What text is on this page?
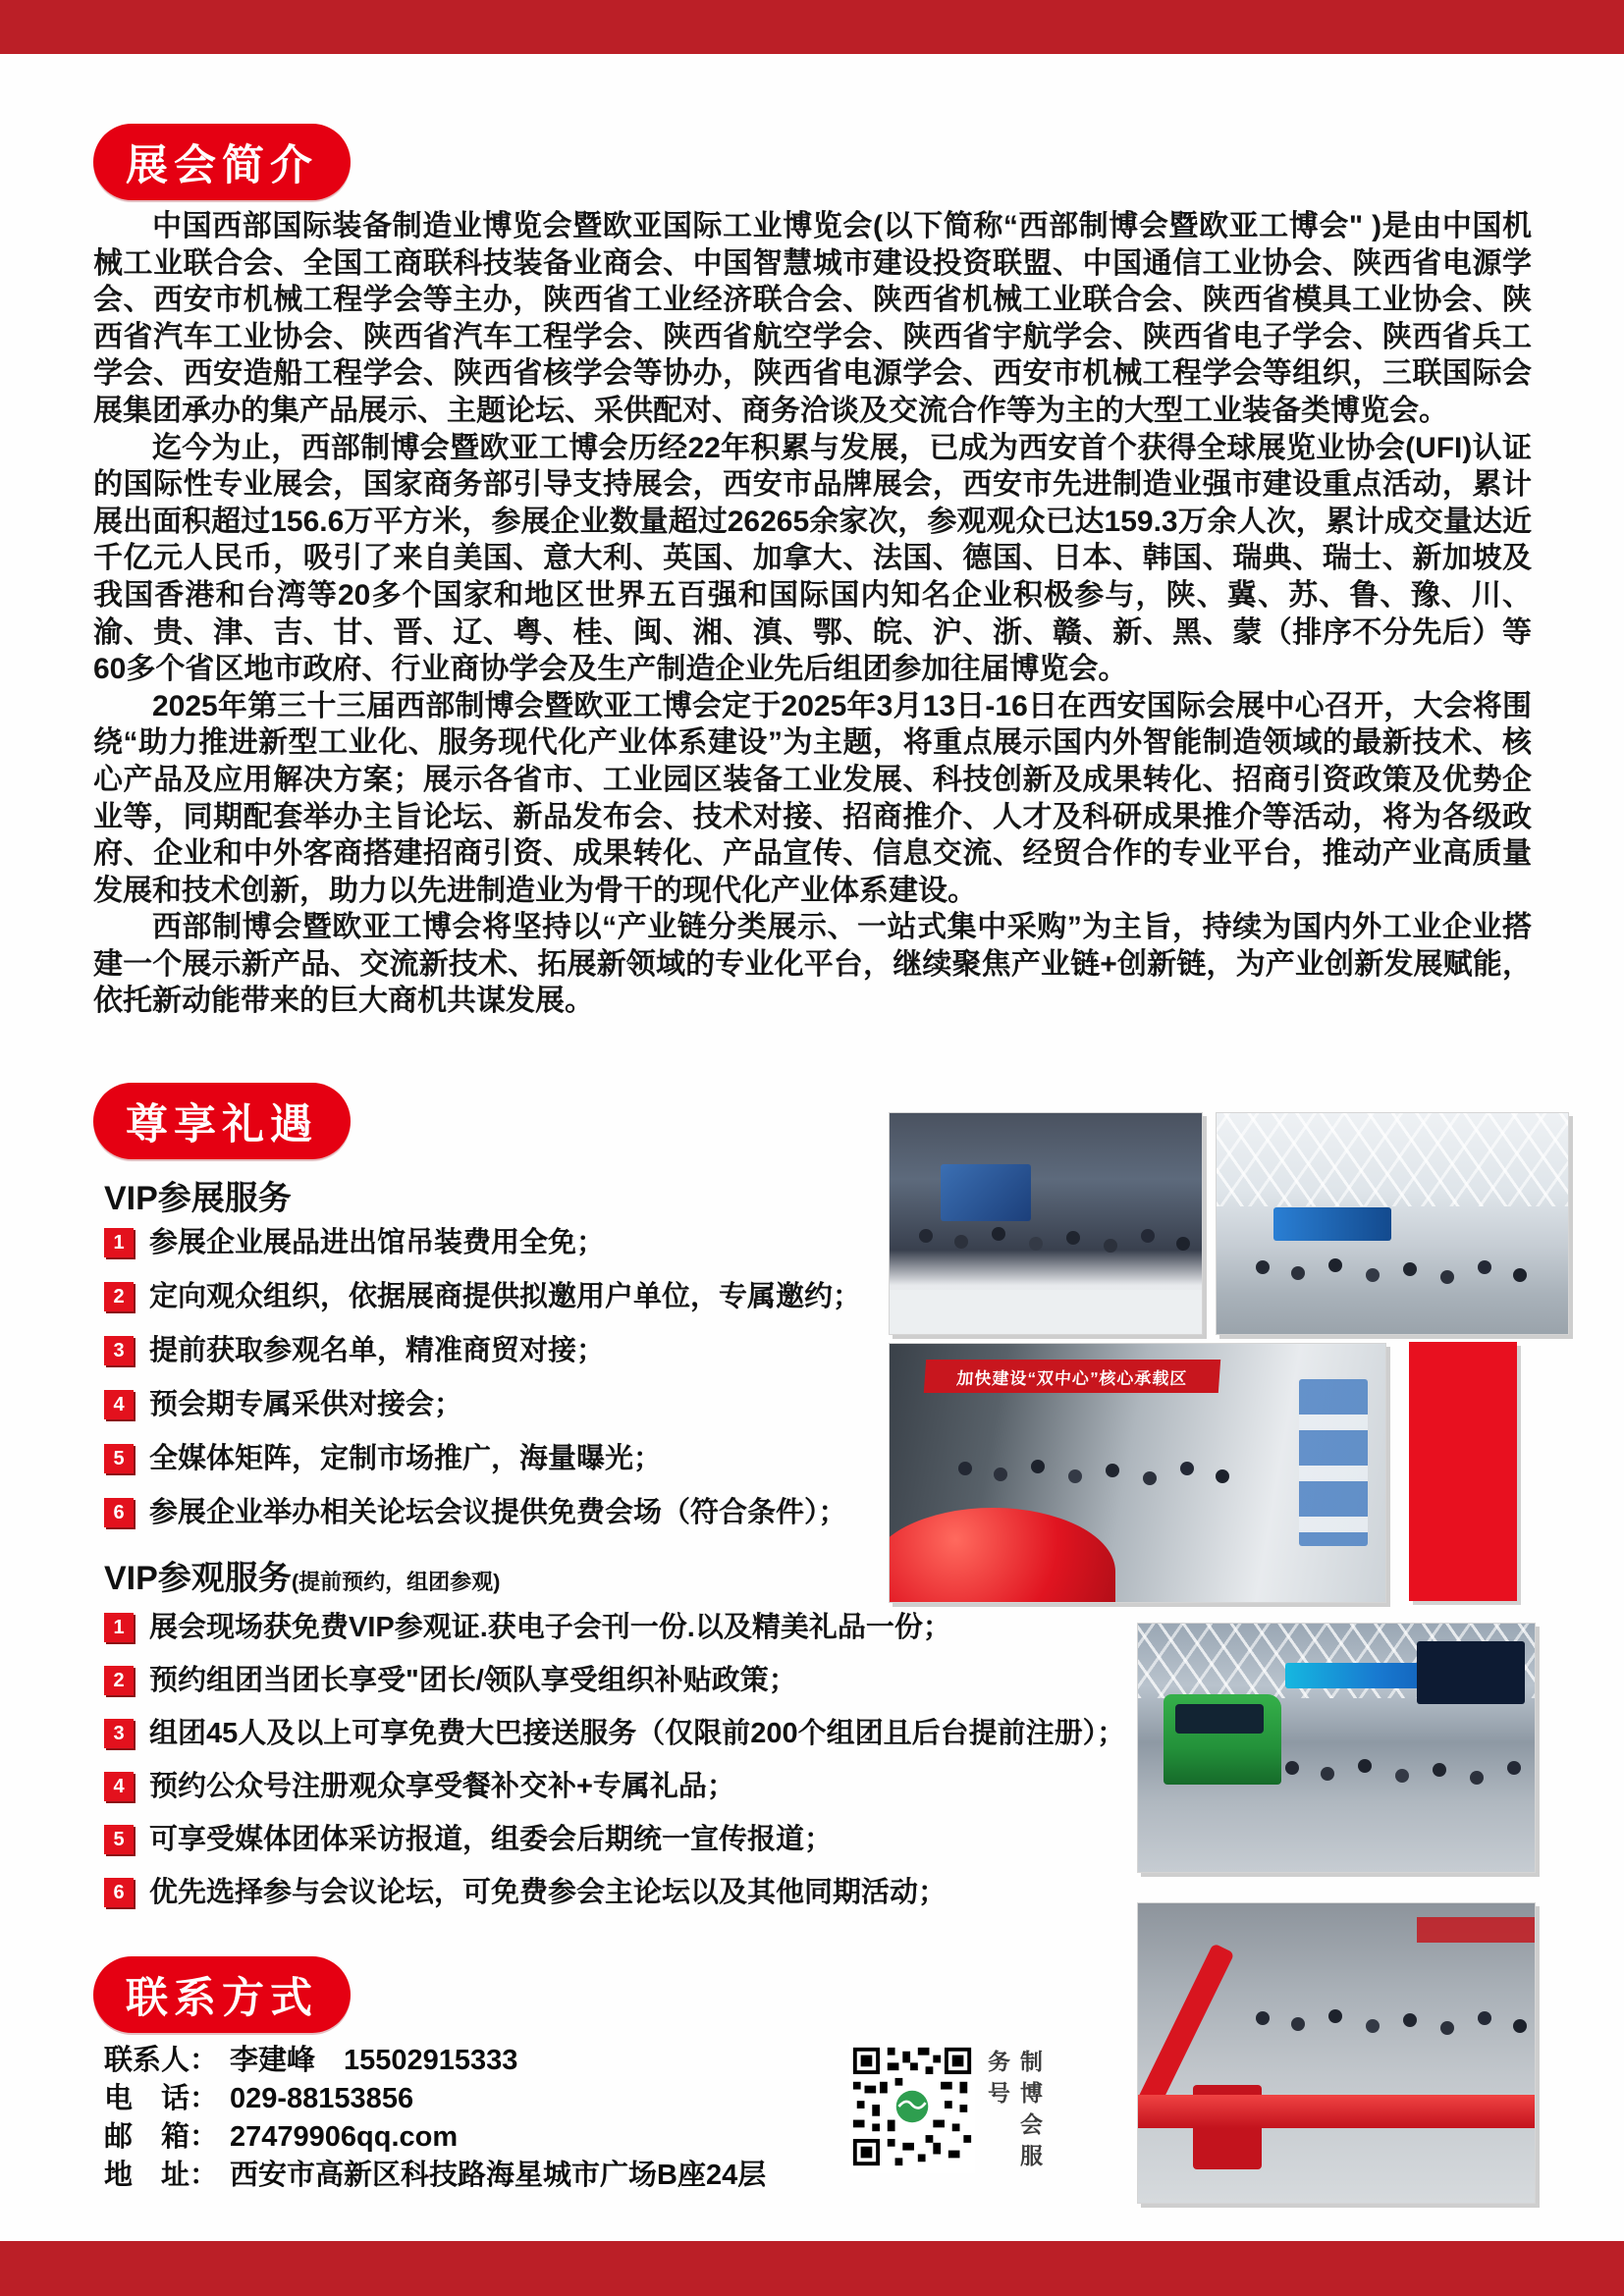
展会简介

中国西部国际装备制造业博览会暨欧亚国际工业博览会(以下简称“西部制博会暨欧亚工博会" )是由中国机械工业联合会、全国工商联科技装备业商会、中国智慧城市建设投资联盟、中国通信工业协会、陕西省电源学会、西安市机械工程学会等主办，陕西省工业经济联合会、陕西省机械工业联合会、陕西省模具工业协会、陕西省汽车工业协会、陕西省汽车工程学会、陕西省航空学会、陕西省宇航学会、陕西省电子学会、陕西省兵工学会、西安造船工程学会、陕西省核学会等协办，陕西省电源学会、西安市机械工程学会等组织，三联国际会展集团承办的集产品展示、主题论坛、采供配对、商务洽谈及交流合作等为主的大型工业装备类博览会。

迄今为止，西部制博会暨欧亚工博会历经22年积累与发展，已成为西安首个获得全球展览业协会(UFI)认证的国际性专业展会，国家商务部引导支持展会，西安市品牌展会，西安市先进制造业强市建设重点活动，累计展出面积超过156.6万平方米，参展企业数量超过26265余家次，参观观众已达159.3万余人次，累计成交量达近千亿元人民币，吸引了来自美国、意大利、英国、加拿大、法国、德国、日本、韩国、瑞典、瑞士、新加坡及我国香港和台湾等20多个国家和地区世界五百强和国际国内知名企业积极参与，陕、冀、苏、鲁、豫、川、渝、贵、津、吉、甘、晋、辽、粤、桂、闽、湘、滇、鄂、皖、沪、浙、赣、新、黑、蒙（排序不分先后）等60多个省区地市政府、行业商协学会及生产制造企业先后组团参加往届博览会。

2025年第三十三届西部制博会暨欧亚工博会定于2025年3月13日-16日在西安国际会展中心召开，大会将围绕“助力推进新型工业化、服务现代化产业体系建设”为主题，将重点展示国内外智能制造领域的最新技术、核心产品及应用解决方案；展示各省市、工业园区装备工业发展、科技创新及成果转化、招商引资政策及优势企业等，同期配套举办主旨论坛、新品发布会、技术对接、招商推介、人才及科研成果推介等活动，将为各级政府、企业和中外客商搭建招商引资、成果转化、产品宣传、信息交流、经贸合作的专业平台，推动产业高质量发展和技术创新，助力以先进制造业为骨干的现代化产业体系建设。

西部制博会暨欧亚工博会将坚持以“产业链分类展示、一站式集中采购”为主旨，持续为国内外工业企业搭建一个展示新产品、交流新技术、拓展新领域的专业化平台，继续聚焦产业链+创新链，为产业创新发展赋能，依托新动能带来的巨大商机共谋发展。

尊享礼遇
VIP参展服务
1 参展企业展品进出馆吊装费用全免；
2 定向观众组织，依据展商提供拟邀用户单位，专属邀约；
3 提前获取参观名单，精准商贸对接；
4 预会期专属采供对接会；
5 全媒体矩阵，定制市场推广，海量曝光；
6 参展企业举办相关论坛会议提供免费会场（符合条件）；
VIP参观服务(提前预约，组团参观)
1 展会现场获免费VIP参观证.获电子会刊一份.以及精美礼品一份；
2 预约组团当团长享受"团长/领队享受组织补贴政策；
3 组团45人及以上可享免费大巴接送服务（仅限前200个组团且后台提前注册）；
4 预约公众号注册观众享受餐补交补+专属礼品；
5 可享受媒体团体采访报道，组委会后期统一宣传报道；
6 优先选择参与会议论坛，可免费参会主论坛以及其他同期活动；
加快建设“双中心”核心承载区
联系方式
联系人： 李建峰　15502915333
电　话： 029-88153856
邮　箱： 27479906qq.com
地　址： 西安市高新区科技路海星城市广场B座24层	制博会服务号
